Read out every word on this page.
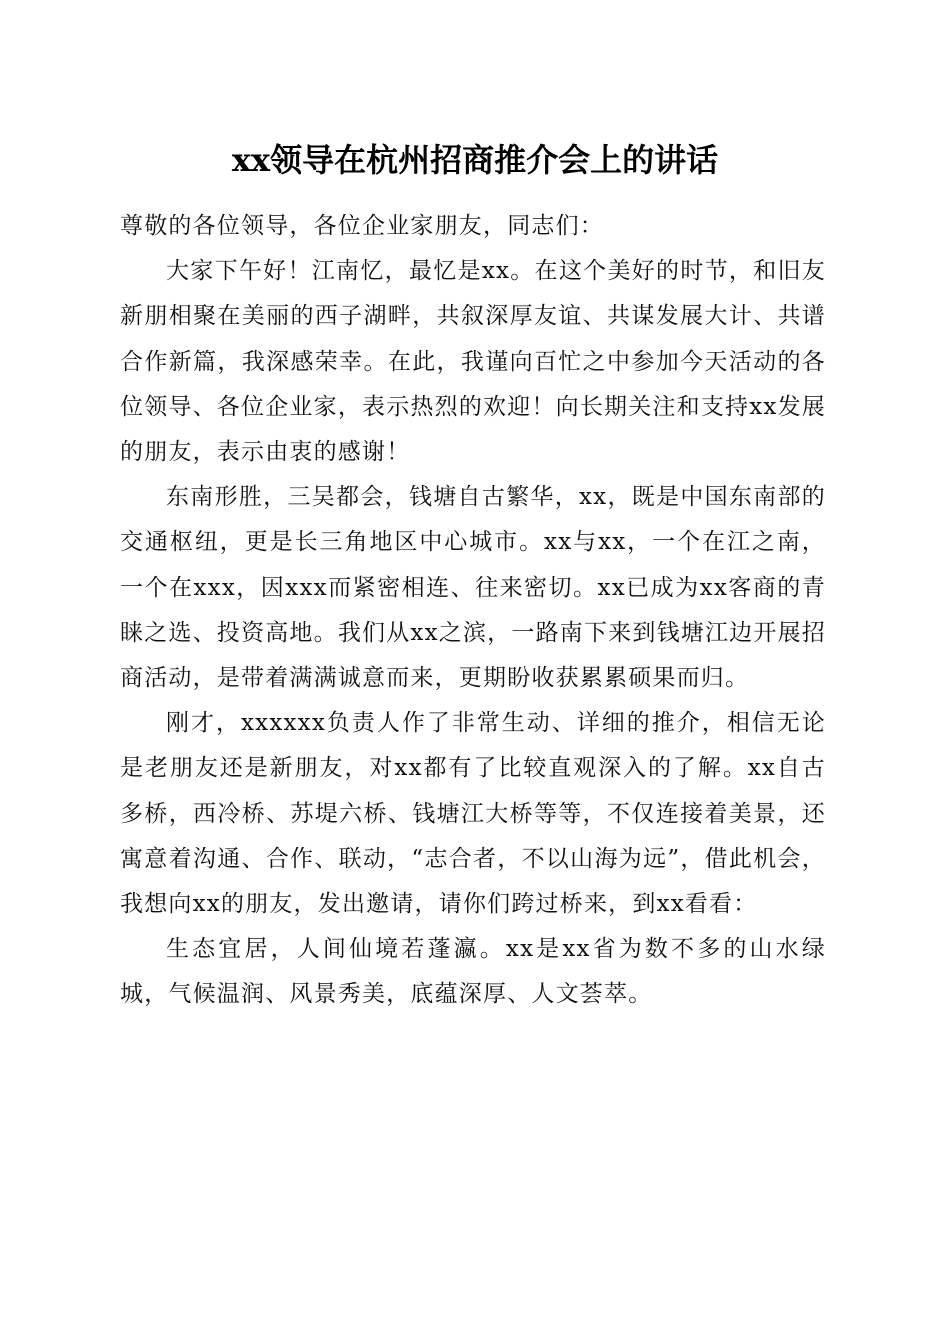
xx领导在杭州招商推介会上的讲话

尊敬的各位领导，各位企业家朋友，同志们：

大家下午好！江南忆，最忆是xx。在这个美好的时节，和旧友新朋相聚在美丽的西子湖畔，共叙深厚友谊、共谋发展大计、共谱合作新篇，我深感荣幸。在此，我谨向百忙之中参加今天活动的各位领导、各位企业家，表示热烈的欢迎！向长期关注和支持xx发展的朋友，表示由衷的感谢！

东南形胜，三吴都会，钱塘自古繁华，xx，既是中国东南部的交通枢纽，更是长三角地区中心城市。xx与xx，一个在江之南，一个在xxx，因xxx而紧密相连、往来密切。xx已成为xx客商的青睐之选、投资高地。我们从xx之滨，一路南下来到钱塘江边开展招商活动，是带着满满诚意而来，更期盼收获累累硕果而归。

刚才，xxxxxx负责人作了非常生动、详细的推介，相信无论是老朋友还是新朋友，对xx都有了比较直观深入的了解。xx自古多桥，西冷桥、苏堤六桥、钱塘江大桥等等，不仅连接着美景，还寓意着沟通、合作、联动，“志合者，不以山海为远”，借此机会，我想向xx的朋友，发出邀请，请你们跨过桥来，到xx看看：

生态宜居，人间仙境若蓬瀛。xx是xx省为数不多的山水绿城，气候温润、风景秀美，底蕴深厚、人文荟萃。
